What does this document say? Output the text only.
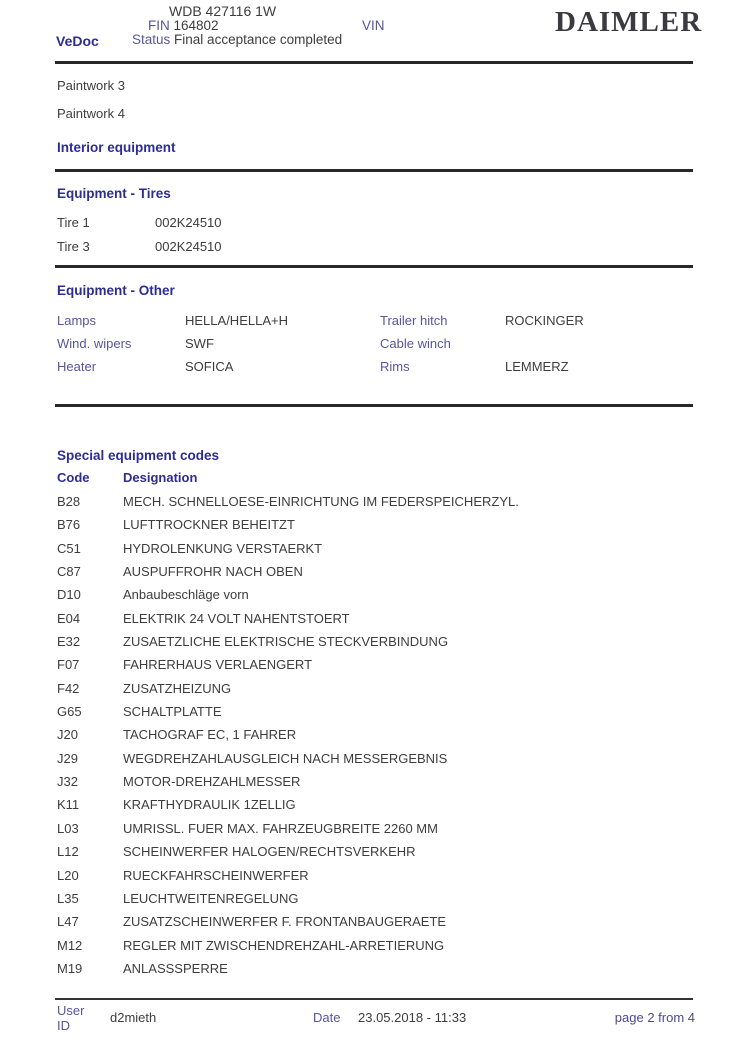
WDB 427116 1W
FIN 164802	VIN
VeDoc Status Final acceptance completed
DAIMLER
Paintwork 3
Paintwork 4
Interior equipment
Equipment - Tires
Tire 1	002K24510
Tire 3	002K24510
Equipment - Other
Lamps	HELLA/HELLA+H	Trailer hitch	ROCKINGER
Wind. wipers	SWF	Cable winch
Heater	SOFICA	Rims	LEMMERZ
Special equipment codes
Code	Designation
B28	MECH. SCHNELLOESE-EINRICHTUNG IM FEDERSPEICHERZYL.
B76	LUFTTROCKNER BEHEITZT
C51	HYDROLENKUNG VERSTAERKT
C87	AUSPUFFROHR NACH OBEN
D10	Anbaubeschläge vorn
E04	ELEKTRIK 24 VOLT NAHENTSTOERT
E32	ZUSAETZLICHE ELEKTRISCHE STECKVERBINDUNG
F07	FAHRERHAUS VERLAENGERT
F42	ZUSATZHEIZUNG
G65	SCHALTPLATTE
J20	TACHOGRAF EC, 1 FAHRER
J29	WEGDREHZAHLAUSGLEICH NACH MESSERGEBNIS
J32	MOTOR-DREHZAHLMESSER
K11	KRAFTHYDRAULIK 1ZELLIG
L03	UMRISSL. FUER MAX. FAHRZEUGBREITE 2260 MM
L12	SCHEINWERFER HALOGEN/RECHTSVERKEHR
L20	RUECKFAHRSCHEINWERFER
L35	LEUCHTWEITENREGELUNG
L47	ZUSATZSCHEINWERFER F. FRONTANBAUGERAETE
M12	REGLER MIT ZWISCHENDREHZAHL-ARRETIERUNG
M19	ANLASSSPERRE
User ID
d2mieth	Date 23.05.2018 - 11:33	page 2 from 4
